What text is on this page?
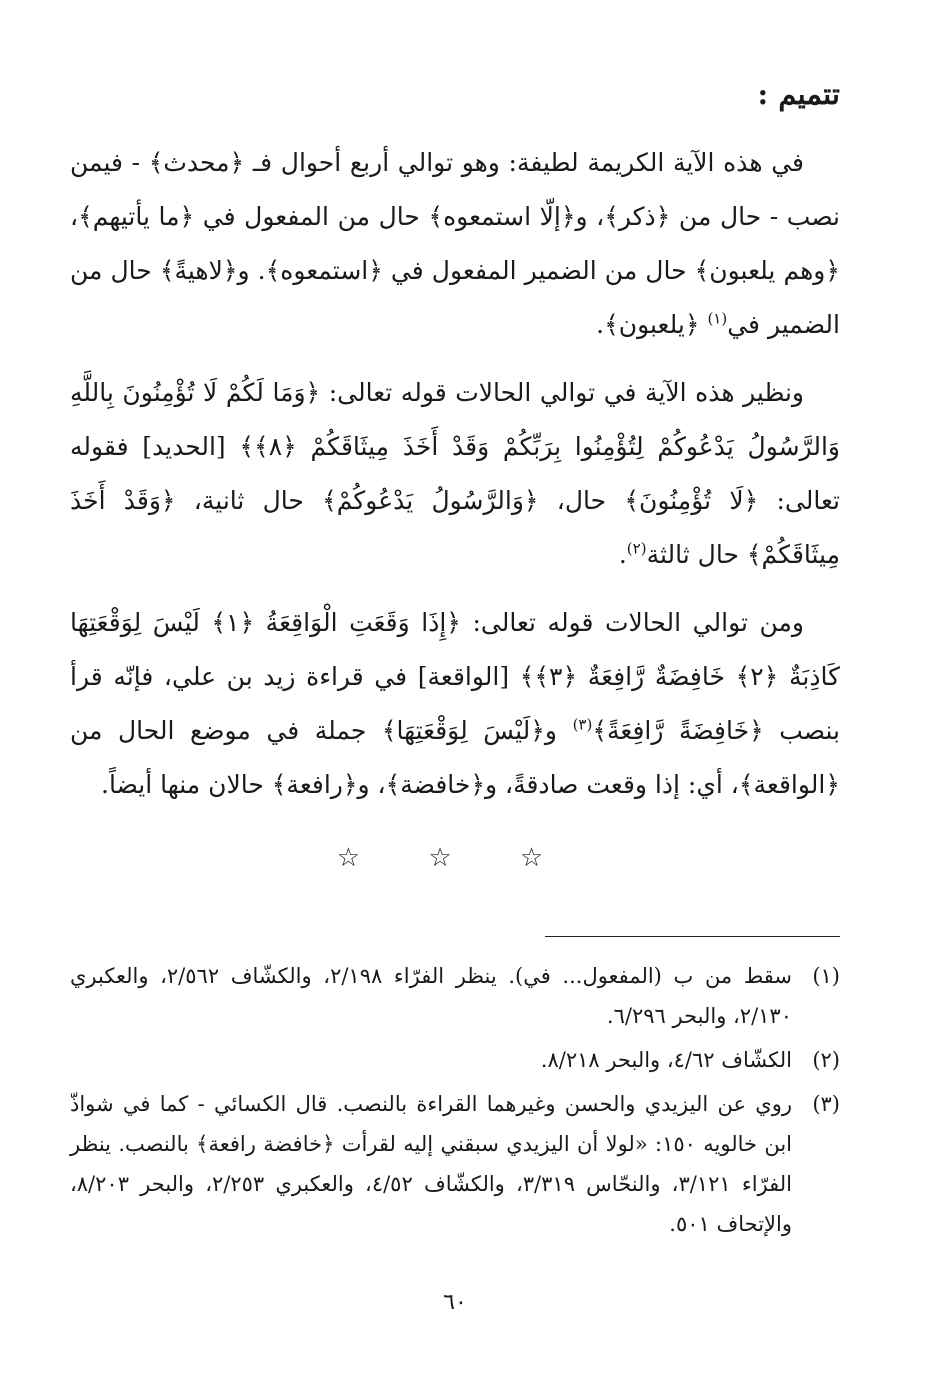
تتميم :

في هذه الآية الكريمة لطيفة: وهو توالي أربع أحوال فـ ﴿محدث﴾ - فيمن نصب - حال من ﴿ذكر﴾، و﴿إلّا استمعوه﴾ حال من المفعول في ﴿ما يأتيهم﴾، ﴿وهم يلعبون﴾ حال من الضمير المفعول في ﴿استمعوه﴾. و﴿لاهيةً﴾ حال من الضمير في$^{(١)}$ ﴿يلعبون﴾.

ونظير هذه الآية في توالي الحالات قوله تعالى: ﴿وَمَا لَكُمْ لَا تُؤْمِنُونَ بِاللَّهِ وَالرَّسُولُ يَدْعُوكُمْ لِتُؤْمِنُوا بِرَبِّكُمْ وَقَدْ أَخَذَ مِيثَاقَكُمْ ﴿٨﴾﴾ [الحديد] فقوله تعالى: ﴿لَا تُؤْمِنُونَ﴾ حال، ﴿وَالرَّسُولُ يَدْعُوكُمْ﴾ حال ثانية، ﴿وَقَدْ أَخَذَ مِيثَاقَكُمْ﴾ حال ثالثة$^{(٢)}$.

ومن توالي الحالات قوله تعالى: ﴿إِذَا وَقَعَتِ الْوَاقِعَةُ ﴿١﴾ لَيْسَ لِوَقْعَتِهَا كَاذِبَةٌ ﴿٢﴾ خَافِضَةٌ رَّافِعَةٌ ﴿٣﴾﴾ [الواقعة] في قراءة زيد بن علي، فإنّه قرأ بنصب ﴿خَافِضَةً رَّافِعَةً﴾$^{(٣)}$ و﴿لَيْسَ لِوَقْعَتِهَا﴾ جملة في موضع الحال من ﴿الواقعة﴾، أي: إذا وقعت صادقةً، و﴿خافضة﴾، و﴿رافعة﴾ حالان منها أيضاً.

☆ ☆ ☆
(١)
سقط من ب (المفعول... في). ينظر الفرّاء ٢/١٩٨، والكشّاف ٢/٥٦٢، والعكبري ٢/١٣٠، والبحر ٦/٢٩٦.
(٢)
الكشّاف ٤/٦٢، والبحر ٨/٢١٨.
(٣)
روي عن اليزيدي والحسن وغيرهما القراءة بالنصب. قال الكسائي - كما في شواذّ ابن خالويه ١٥٠: «لولا أن اليزيدي سبقني إليه لقرأت ﴿خافضة رافعة﴾ بالنصب. ينظر الفرّاء ٣/١٢١، والنحّاس ٣/٣١٩، والكشّاف ٤/٥٢، والعكبري ٢/٢٥٣، والبحر ٨/٢٠٣، والإتحاف ٥٠١.
٦٠
